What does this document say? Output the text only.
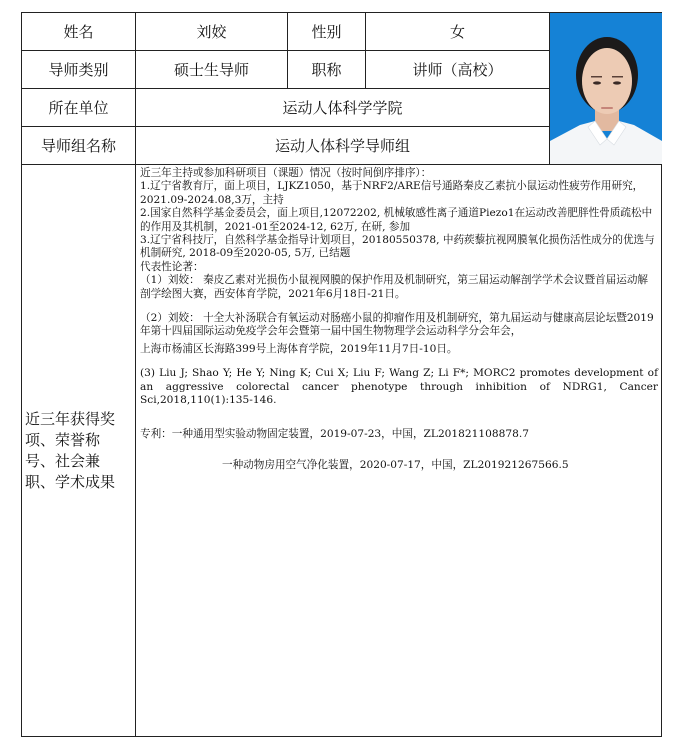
姓名	刘姣	性别	女
导师类别	硕士生导师	职称	讲师（高校）
所在单位	运动人体科学学院
导师组名称	运动人体科学导师组
近三年获得奖项、荣誉称号、社会兼职、学术成果

近三年主持或参加科研项目（课题）情况（按时间倒序排序）：

1.辽宁省教育厅，面上项目，LJKZ1050，基于NRF2/ARE信号通路秦皮乙素抗小鼠运动性疲劳作用研究，2021.09-2024.08,3万，主持

2.国家自然科学基金委员会，面上项目,12072202, 机械敏感性离子通道Piezo1在运动改善肥胖性骨质疏松中的作用及其机制，2021-01至2024-12, 62万, 在研, 参加

3.辽宁省科技厅，自然科学基金指导计划项目，20180550378, 中药蒺藜抗视网膜氧化损伤活性成分的优选与机制研究, 2018-09至2020-05, 5万, 已结题

代表性论著：

（1）刘姣： 秦皮乙素对光损伤小鼠视网膜的保护作用及机制研究，第三届运动解剖学学术会议暨首届运动解剖学绘图大赛，西安体育学院，2021年6月18日-21日。

（2）刘姣： 十全大补汤联合有氧运动对肠癌小鼠的抑瘤作用及机制研究，第九届运动与健康高层论坛暨2019年第十四届国际运动免疫学会年会暨第一届中国生物物理学会运动科学分会年会，

上海市杨浦区长海路399号上海体育学院，2019年11月7日-10日。

(3) Liu J; Shao Y; He Y; Ning K; Cui X; Liu F; Wang Z; Li F*; MORC2 promotes development of an aggressive colorectal cancer phenotype through inhibition of NDRG1, Cancer Sci,2018,110(1):135-146.

专利：一种通用型实验动物固定装置，2019-07-23，中国，ZL201821108878.7

一种动物房用空气净化装置，2020-07-17，中国，ZL201921267566.5
